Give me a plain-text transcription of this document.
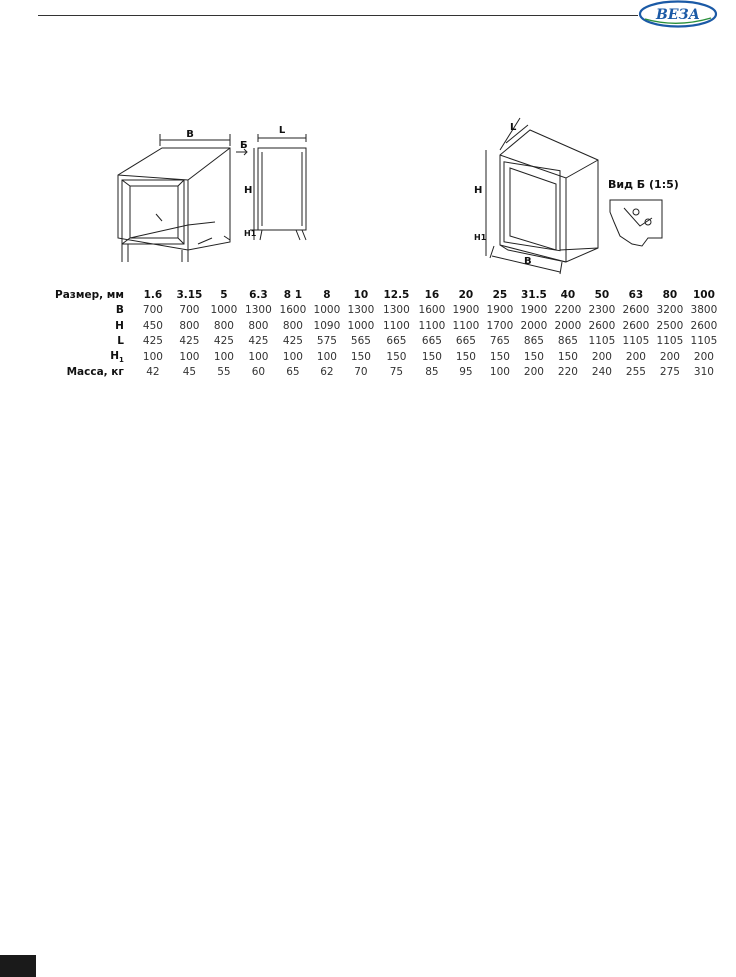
ВЕЗА
B
Б
L
H
H1
L
H
H1
B
Вид Б (1:5)
Размер, мм	1.6	3.15	5	6.3	8 1	8	10	12.5	16	20	25	31.5	40	50	63	80	100
B	700	700	1000	1300	1600	1000	1300	1300	1600	1900	1900	1900	2200	2300	2600	3200	3800
H	450	800	800	800	800	1090	1000	1100	1100	1100	1700	2000	2000	2600	2600	2500	2600
L	425	425	425	425	425	575	565	665	665	665	765	865	865	1105	1105	1105	1105
$H_1$	100	100	100	100	100	100	150	150	150	150	150	150	150	200	200	200	200
Масса, кг	42	45	55	60	65	62	70	75	85	95	100	200	220	240	255	275	310
